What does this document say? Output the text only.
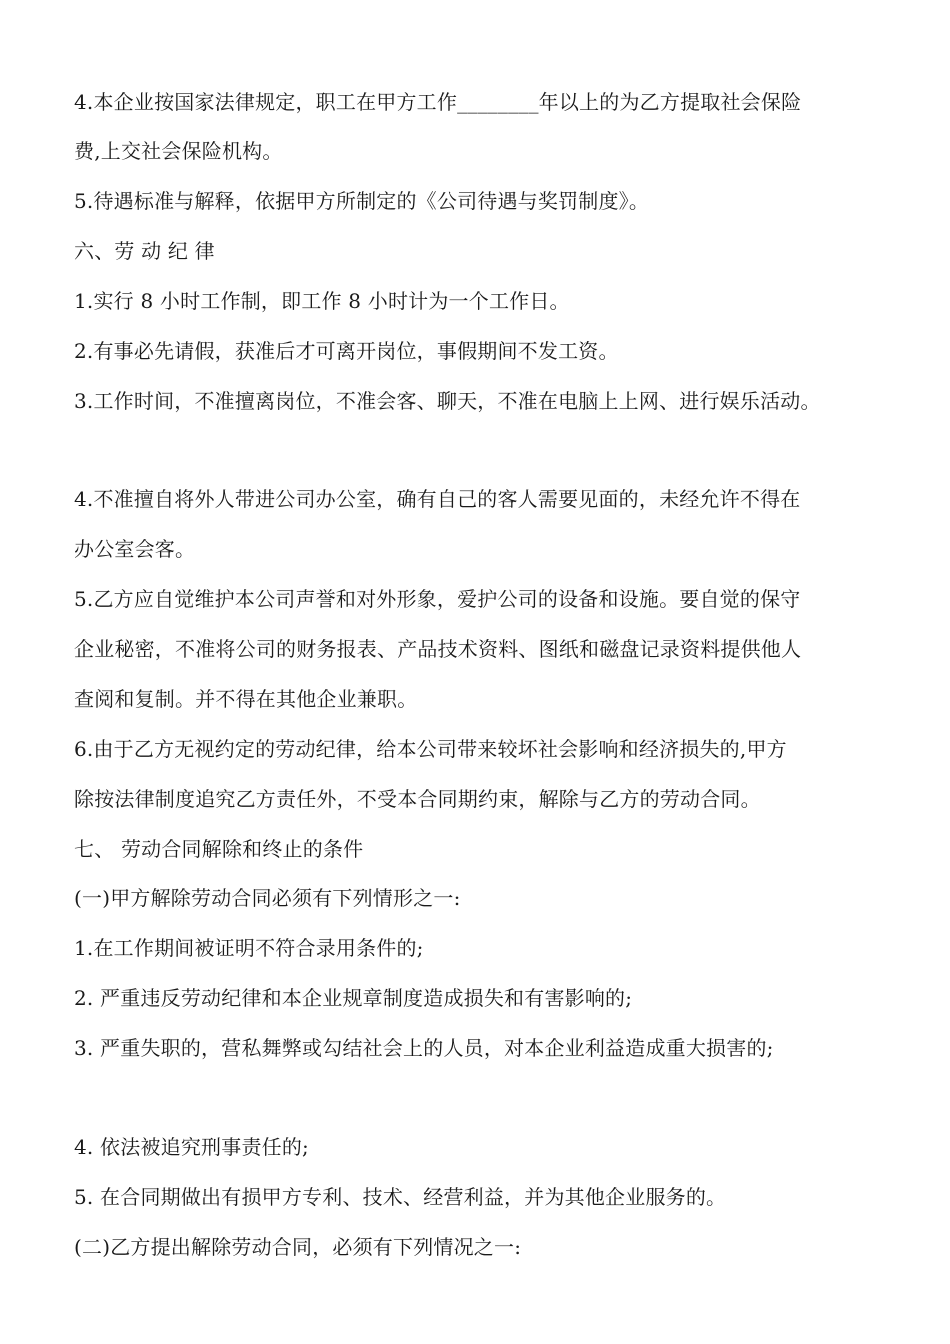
4.本企业按国家法律规定，职工在甲方工作________年以上的为乙方提取社会保险
费,上交社会保险机构。
5.待遇标准与解释，依据甲方所制定的《公司待遇与奖罚制度》。
六、劳 动 纪 律
1.实行 8 小时工作制，即工作 8 小时计为一个工作日。
2.有事必先请假，获准后才可离开岗位，事假期间不发工资。
3.工作时间，不准擅离岗位，不准会客、聊天，不准在电脑上上网、进行娱乐活动。
4.不准擅自将外人带进公司办公室，确有自己的客人需要见面的，未经允许不得在
办公室会客。
5.乙方应自觉维护本公司声誉和对外形象，爱护公司的设备和设施。要自觉的保守
企业秘密，不准将公司的财务报表、产品技术资料、图纸和磁盘记录资料提供他人
查阅和复制。并不得在其他企业兼职。
6.由于乙方无视约定的劳动纪律，给本公司带来较坏社会影响和经济损失的,甲方
除按法律制度追究乙方责任外，不受本合同期约束，解除与乙方的劳动合同。
七、 劳动合同解除和终止的条件
(一)甲方解除劳动合同必须有下列情形之一:
1.在工作期间被证明不符合录用条件的;
2. 严重违反劳动纪律和本企业规章制度造成损失和有害影响的;
3. 严重失职的，营私舞弊或勾结社会上的人员，对本企业利益造成重大损害的;
4. 依法被追究刑事责任的;
5. 在合同期做出有损甲方专利、技术、经营利益，并为其他企业服务的。
(二)乙方提出解除劳动合同，必须有下列情况之一:
